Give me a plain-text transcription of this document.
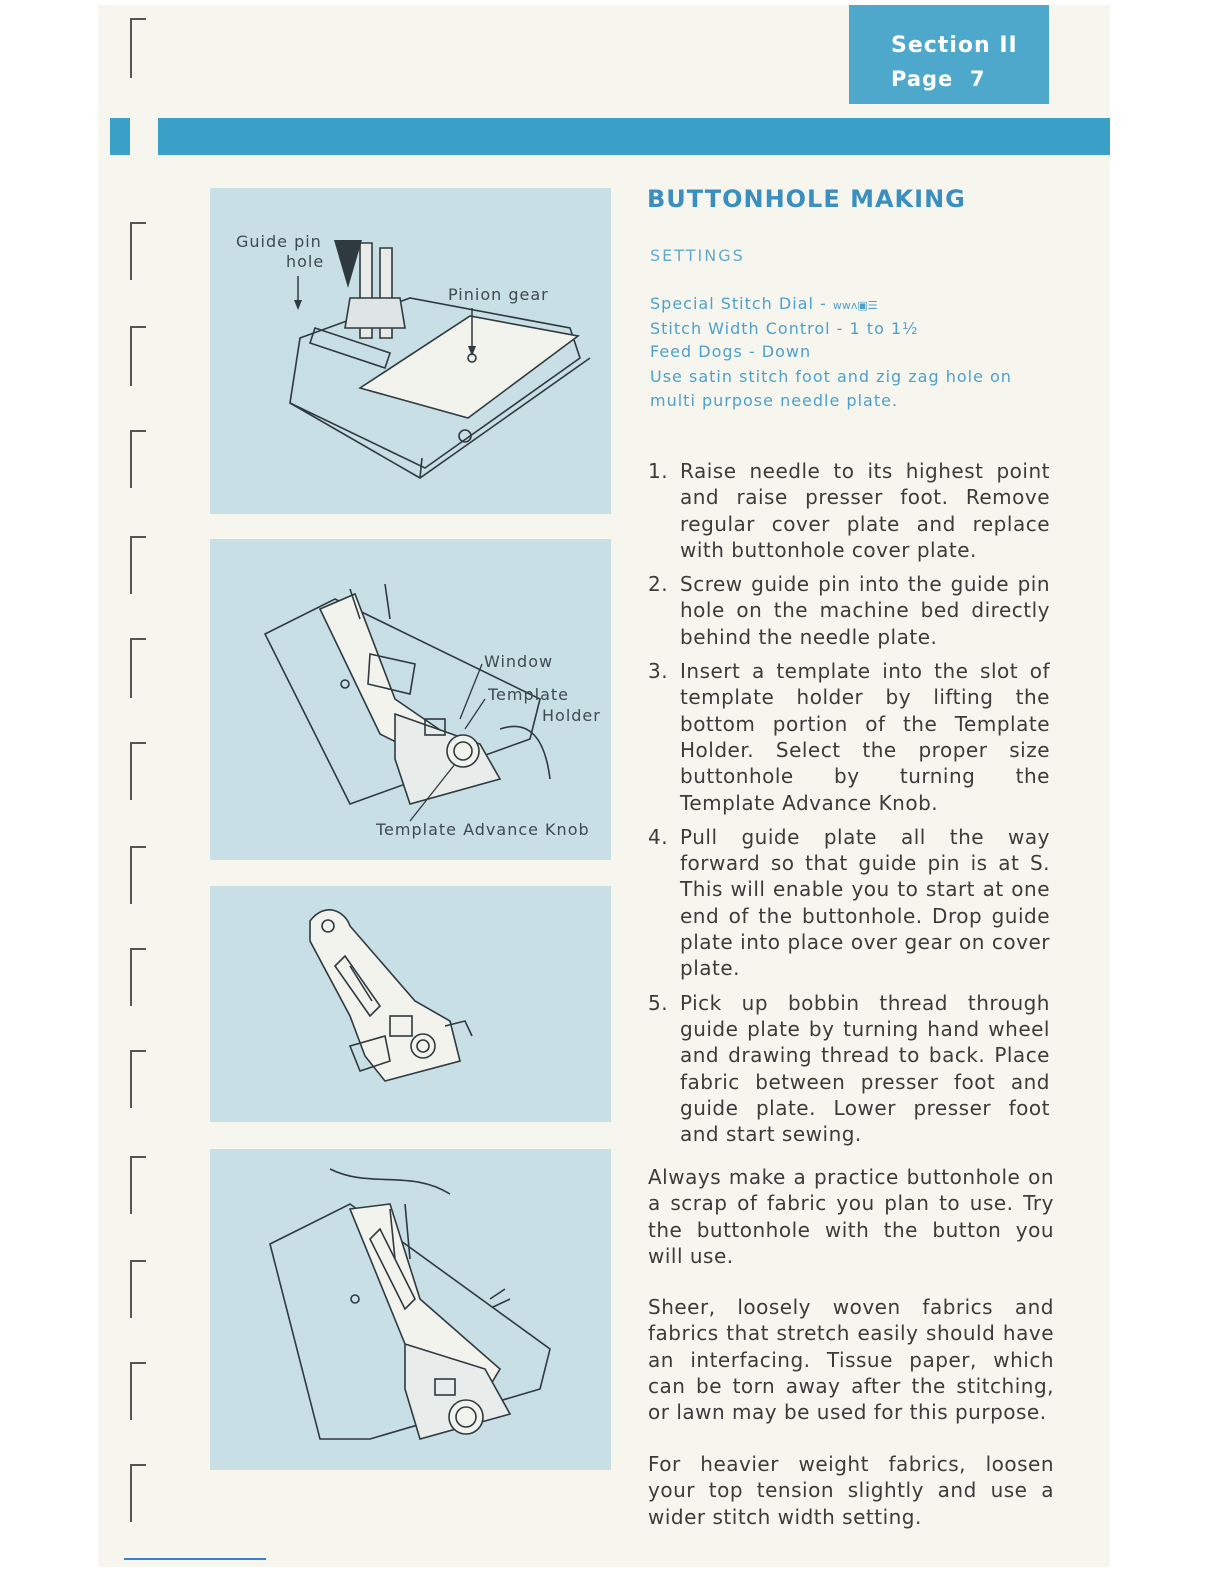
Section II
Page 7
Guide pin
hole
Pinion gear
Window
Template
Holder
Template Advance Knob
BUTTONHOLE MAKING
SETTINGS
Special Stitch Dial - ᴡᴡᴧ▣☰
Stitch Width Control - 1 to 1½
Feed Dogs - Down
Use satin stitch foot and zig zag hole on multi purpose needle plate.
1. Raise needle to its highest point and raise presser foot. Remove regular cover plate and replace with buttonhole cover plate.
2. Screw guide pin into the guide pin hole on the machine bed directly behind the needle plate.
3. Insert a template into the slot of template holder by lifting the bottom portion of the Template Holder. Select the proper size buttonhole by turning the Template Advance Knob.
4. Pull guide plate all the way forward so that guide pin is at S. This will enable you to start at one end of the buttonhole. Drop guide plate into place over gear on cover plate.
5. Pick up bobbin thread through guide plate by turning hand wheel and drawing thread to back. Place fabric between presser foot and guide plate. Lower presser foot and start sewing.

Always make a practice buttonhole on a scrap of fabric you plan to use. Try the buttonhole with the button you will use.

Sheer, loosely woven fabrics and fabrics that stretch easily should have an interfacing. Tissue paper, which can be torn away after the stitching, or lawn may be used for this purpose.

For heavier weight fabrics, loosen your top tension slightly and use a wider stitch width setting.
